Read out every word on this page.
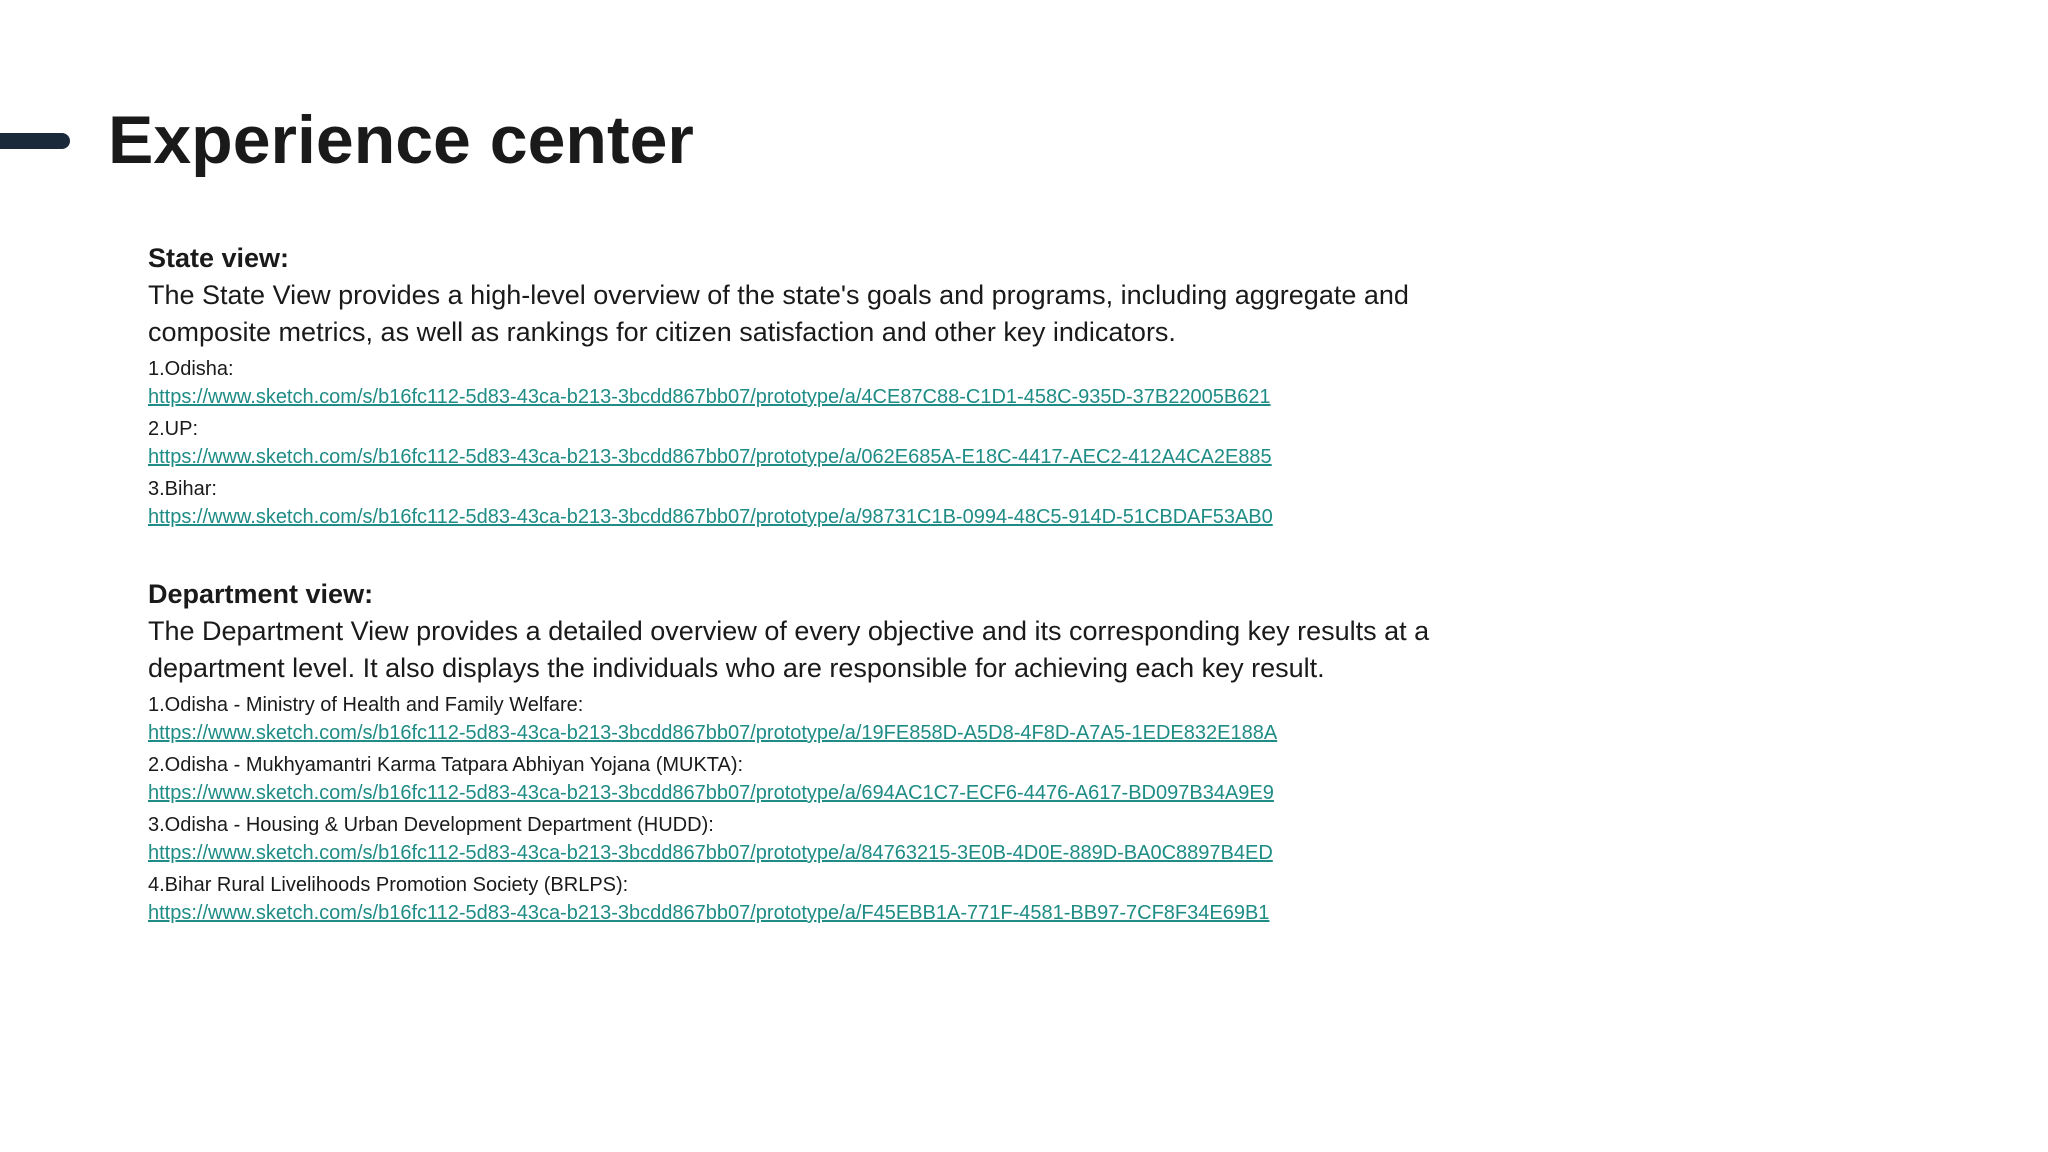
Experience center

State view:

The State View provides a high-level overview of the state's goals and programs, including aggregate and composite metrics, as well as rankings for citizen satisfaction and other key indicators.

1.Odisha:
https://www.sketch.com/s/b16fc112-5d83-43ca-b213-3bcdd867bb07/prototype/a/4CE87C88-C1D1-458C-935D-37B22005B621
2.UP:
https://www.sketch.com/s/b16fc112-5d83-43ca-b213-3bcdd867bb07/prototype/a/062E685A-E18C-4417-AEC2-412A4CA2E885
3.Bihar:
https://www.sketch.com/s/b16fc112-5d83-43ca-b213-3bcdd867bb07/prototype/a/98731C1B-0994-48C5-914D-51CBDAF53AB0

Department view:

The Department View provides a detailed overview of every objective and its corresponding key results at a department level. It also displays the individuals who are responsible for achieving each key result.

1.Odisha - Ministry of Health and Family Welfare:
https://www.sketch.com/s/b16fc112-5d83-43ca-b213-3bcdd867bb07/prototype/a/19FE858D-A5D8-4F8D-A7A5-1EDE832E188A
2.Odisha - Mukhyamantri Karma Tatpara Abhiyan Yojana (MUKTA):
https://www.sketch.com/s/b16fc112-5d83-43ca-b213-3bcdd867bb07/prototype/a/694AC1C7-ECF6-4476-A617-BD097B34A9E9
3.Odisha - Housing & Urban Development Department (HUDD):
https://www.sketch.com/s/b16fc112-5d83-43ca-b213-3bcdd867bb07/prototype/a/84763215-3E0B-4D0E-889D-BA0C8897B4ED
4.Bihar Rural Livelihoods Promotion Society (BRLPS):
https://www.sketch.com/s/b16fc112-5d83-43ca-b213-3bcdd867bb07/prototype/a/F45EBB1A-771F-4581-BB97-7CF8F34E69B1
